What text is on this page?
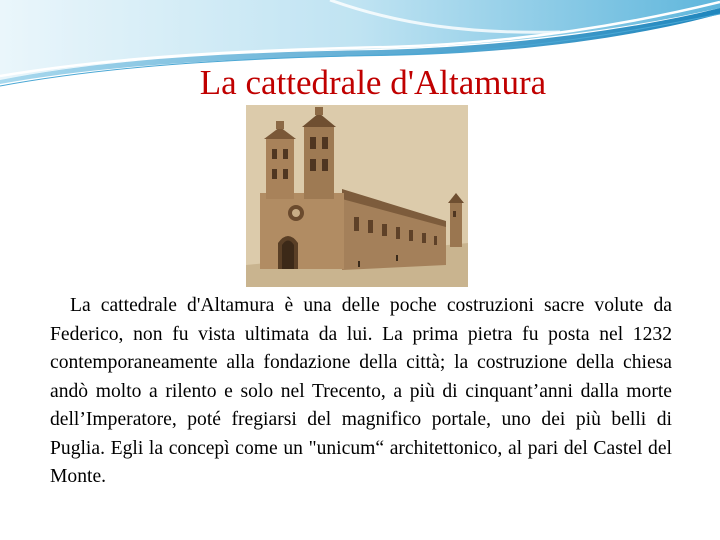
La cattedrale d'Altamura

La cattedrale d'Altamura è una delle poche costruzioni sacre volute da Federico, non fu vista ultimata da lui. La prima pietra fu posta nel 1232 contemporaneamente alla fondazione della città; la costruzione della chiesa andò molto a rilento e solo nel Trecento, a più di cinquant’anni dalla morte dell’Imperatore, poté fregiarsi del magnifico portale, uno dei più belli di Puglia. Egli la concepì come un "unicum“ architettonico, al pari del Castel del Monte.
